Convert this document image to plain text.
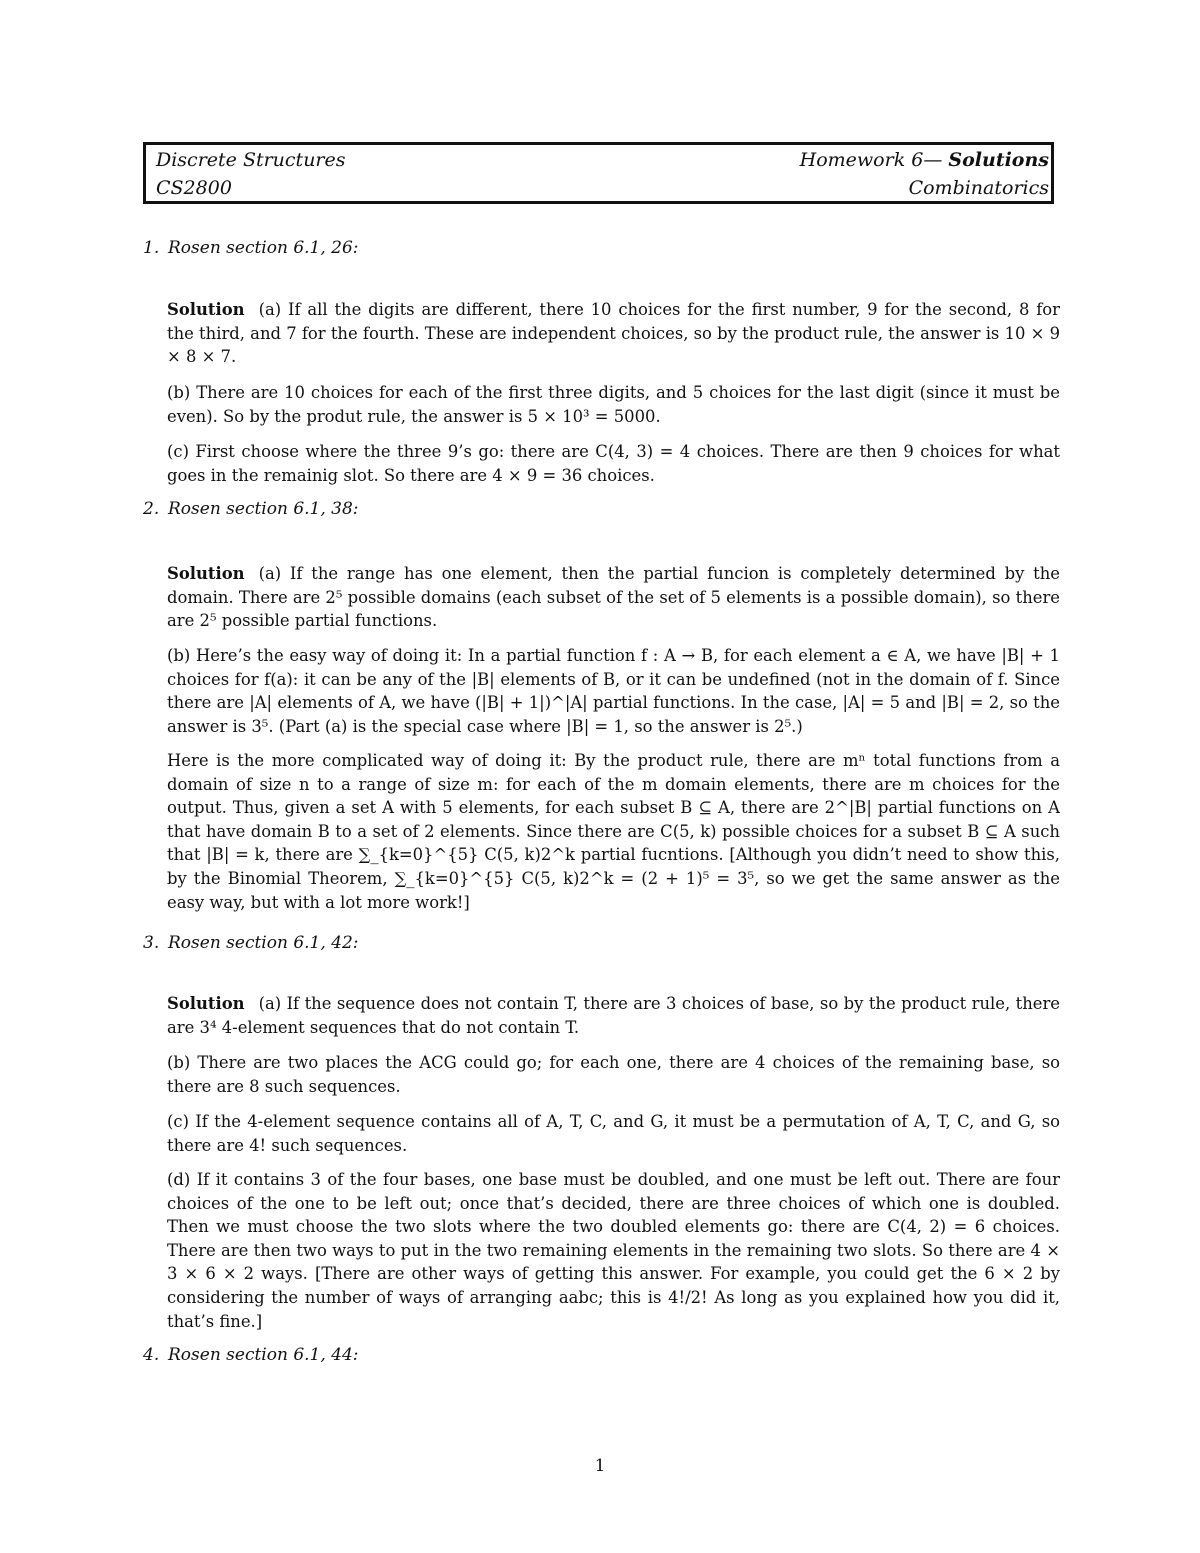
Discrete Structures
CS2800
Homework 6— Solutions
Combinatorics
1. Rosen section 6.1, 26:
Solution (a) If all the digits are different, there 10 choices for the first number, 9 for the second, 8 for the third, and 7 for the fourth. These are independent choices, so by the product rule, the answer is 10 × 9 × 8 × 7.
(b) There are 10 choices for each of the first three digits, and 5 choices for the last digit (since it must be even). So by the produt rule, the answer is 5 × 10³ = 5000.
(c) First choose where the three 9’s go: there are C(4, 3) = 4 choices. There are then 9 choices for what goes in the remainig slot. So there are 4 × 9 = 36 choices.
2. Rosen section 6.1, 38:
Solution (a) If the range has one element, then the partial funcion is completely determined by the domain. There are 2⁵ possible domains (each subset of the set of 5 elements is a possible domain), so there are 2⁵ possible partial functions.
(b) Here’s the easy way of doing it: In a partial function f : A → B, for each element a ∈ A, we have |B| + 1 choices for f(a): it can be any of the |B| elements of B, or it can be undefined (not in the domain of f. Since there are |A| elements of A, we have (|B| + 1|)^|A| partial functions. In the case, |A| = 5 and |B| = 2, so the answer is 3⁵. (Part (a) is the special case where |B| = 1, so the answer is 2⁵.)
Here is the more complicated way of doing it: By the product rule, there are mⁿ total functions from a domain of size n to a range of size m: for each of the m domain elements, there are m choices for the output. Thus, given a set A with 5 elements, for each subset B ⊆ A, there are 2^|B| partial functions on A that have domain B to a set of 2 elements. Since there are C(5, k) possible choices for a subset B ⊆ A such that |B| = k, there are ∑_{k=0}^{5} C(5, k)2^k partial fucntions. [Although you didn’t need to show this, by the Binomial Theorem, ∑_{k=0}^{5} C(5, k)2^k = (2 + 1)⁵ = 3⁵, so we get the same answer as the easy way, but with a lot more work!]
3. Rosen section 6.1, 42:
Solution (a) If the sequence does not contain T, there are 3 choices of base, so by the product rule, there are 3⁴ 4-element sequences that do not contain T.
(b) There are two places the ACG could go; for each one, there are 4 choices of the remaining base, so there are 8 such sequences.
(c) If the 4-element sequence contains all of A, T, C, and G, it must be a permutation of A, T, C, and G, so there are 4! such sequences.
(d) If it contains 3 of the four bases, one base must be doubled, and one must be left out. There are four choices of the one to be left out; once that’s decided, there are three choices of which one is doubled. Then we must choose the two slots where the two doubled elements go: there are C(4, 2) = 6 choices. There are then two ways to put in the two remaining elements in the remaining two slots. So there are 4 × 3 × 6 × 2 ways. [There are other ways of getting this answer. For example, you could get the 6 × 2 by considering the number of ways of arranging aabc; this is 4!/2! As long as you explained how you did it, that’s fine.]
4. Rosen section 6.1, 44:
1
